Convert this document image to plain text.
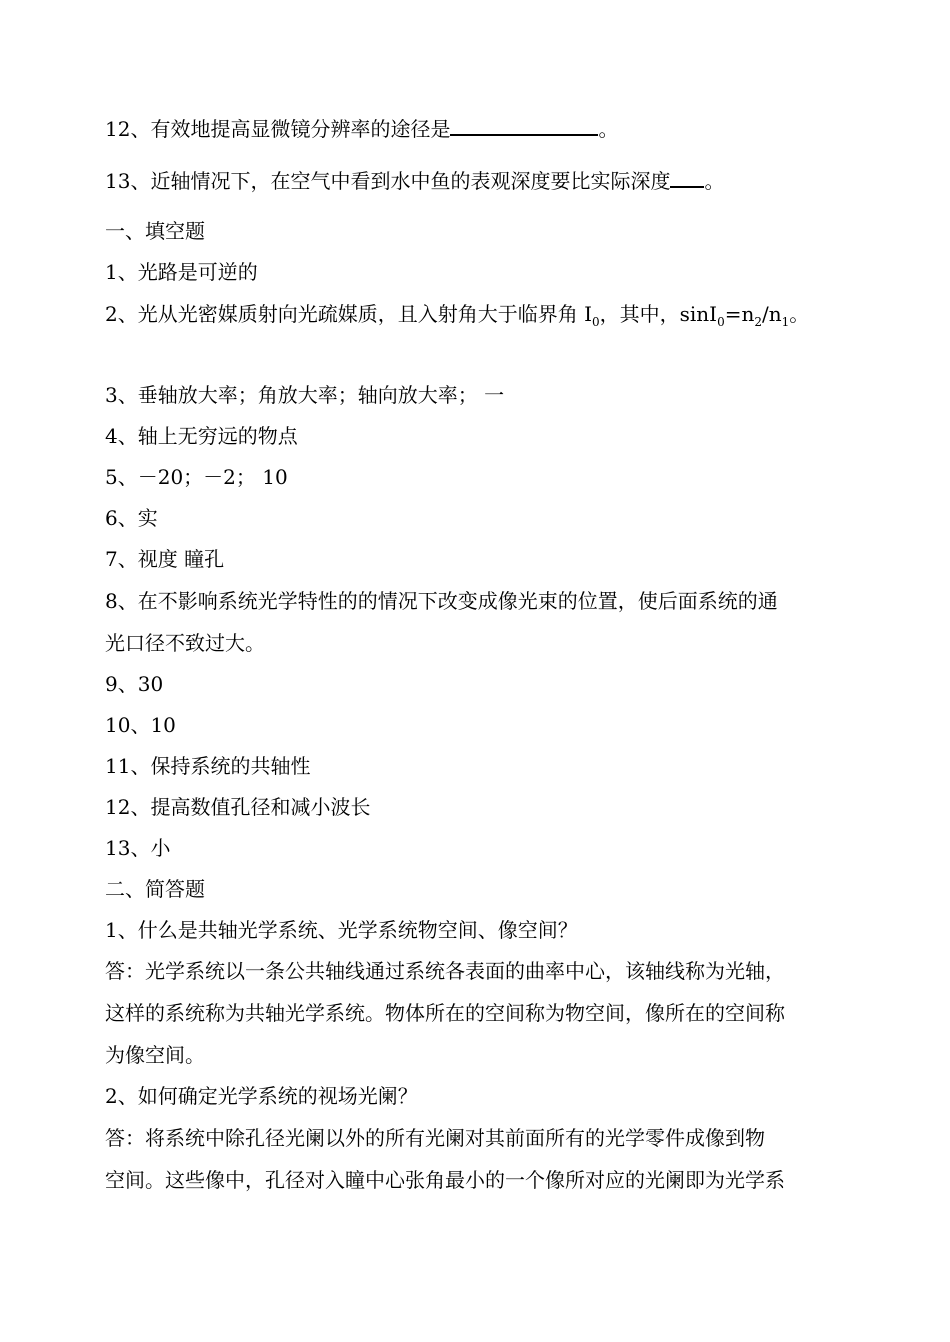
12、有效地提高显微镜分辨率的途径是	。
13、近轴情况下，在空气中看到水中鱼的表观深度要比实际深度 。
一、填空题
1、光路是可逆的
2、光从光密媒质射向光疏媒质，且入射角大于临界角 $I_0$，其中，$\sin I_0=n_2/n_1$。
3、垂轴放大率；角放大率；轴向放大率； 一
4、轴上无穷远的物点
5、－20；－2； 10
6、实
7、视度 瞳孔
8、在不影响系统光学特性的的情况下改变成像光束的位置，使后面系统的通
光口径不致过大。
9、30
10、10
11、保持系统的共轴性
12、提高数值孔径和减小波长
13、小
二、简答题
1、什么是共轴光学系统、光学系统物空间、像空间？
答：光学系统以一条公共轴线通过系统各表面的曲率中心，该轴线称为光轴，
这样的系统称为共轴光学系统。物体所在的空间称为物空间，像所在的空间称
为像空间。
2、如何确定光学系统的视场光阑？
答：将系统中除孔径光阑以外的所有光阑对其前面所有的光学零件成像到物
空间。这些像中，孔径对入瞳中心张角最小的一个像所对应的光阑即为光学系
